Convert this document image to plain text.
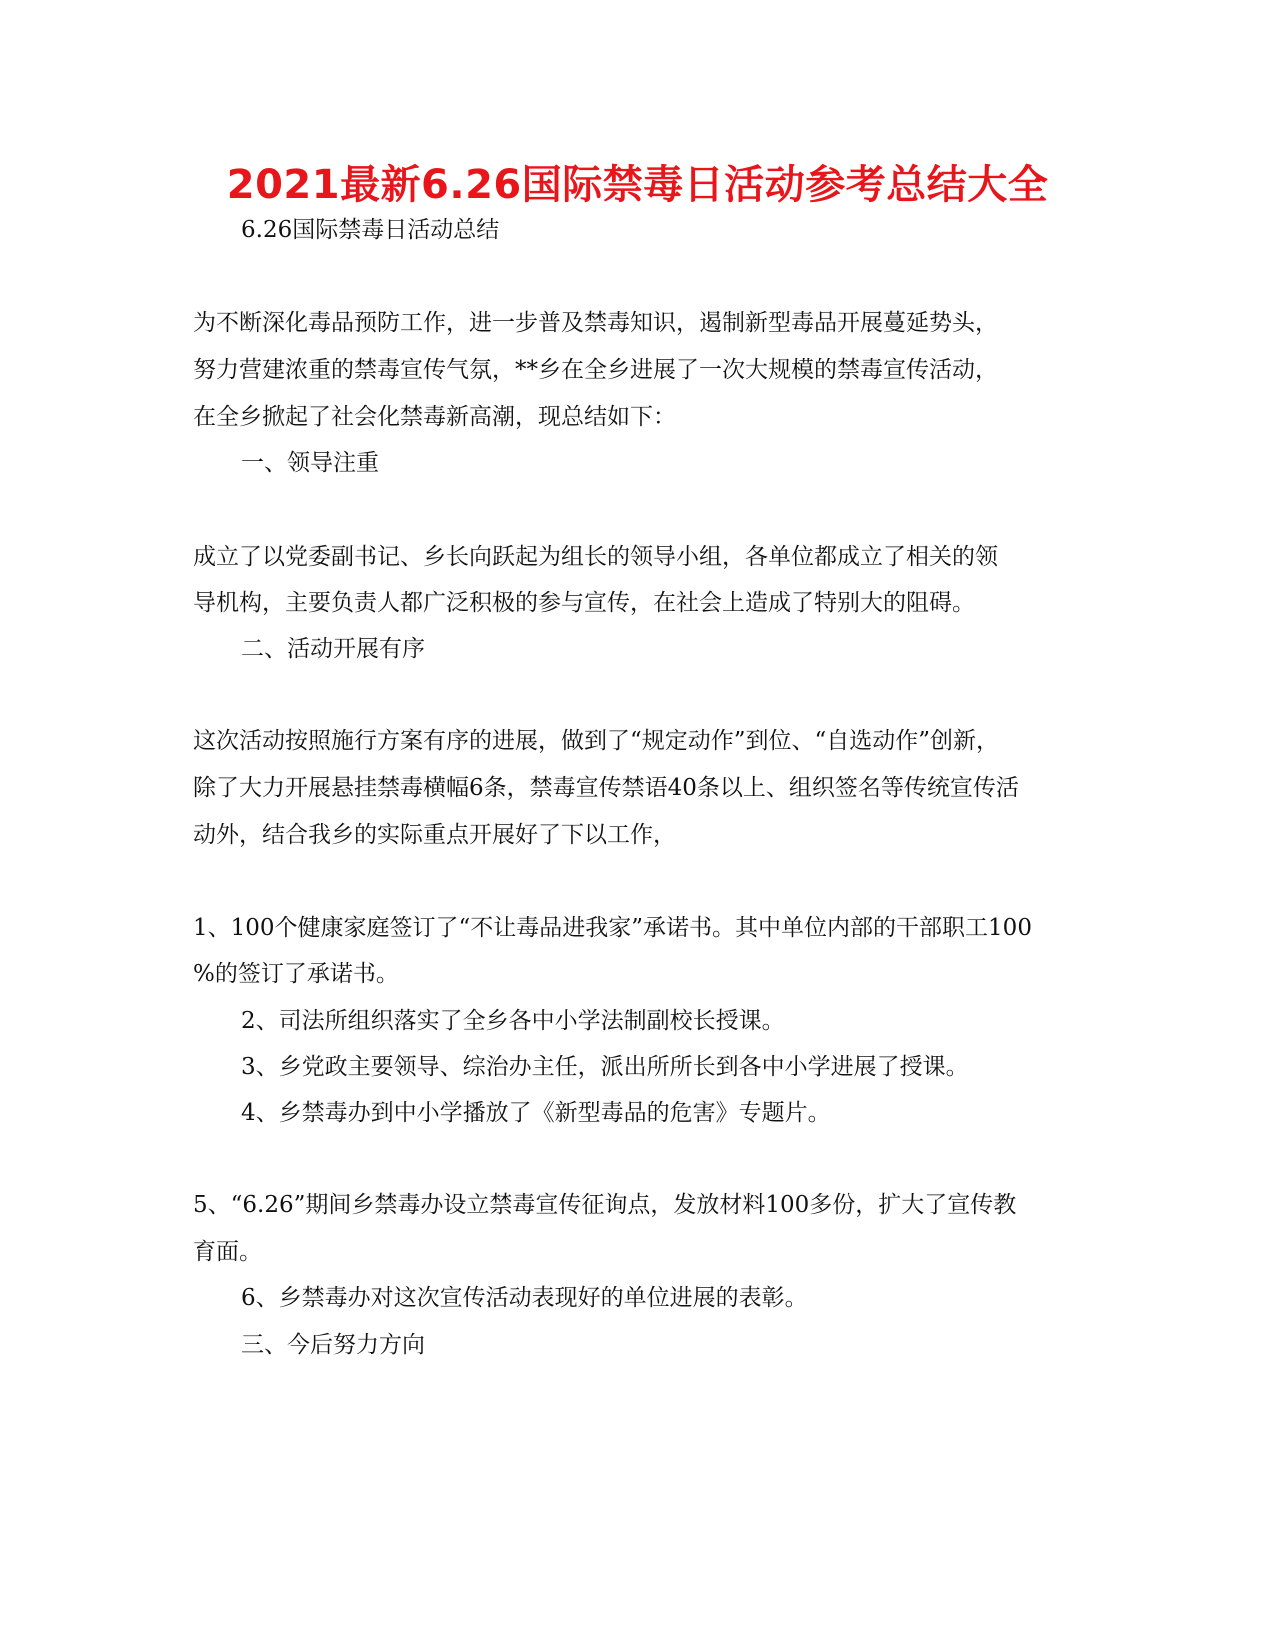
2021最新6.26国际禁毒日活动参考总结大全

6.26国际禁毒日活动总结

为不断深化毒品预防工作，进一步普及禁毒知识，遏制新型毒品开展蔓延势头，

努力营建浓重的禁毒宣传气氛，**乡在全乡进展了一次大规模的禁毒宣传活动，

在全乡掀起了社会化禁毒新高潮，现总结如下：

一、领导注重

成立了以党委副书记、乡长向跃起为组长的领导小组，各单位都成立了相关的领

导机构，主要负责人都广泛积极的参与宣传，在社会上造成了特别大的阻碍。

二、活动开展有序

这次活动按照施行方案有序的进展，做到了“规定动作”到位、“自选动作”创新，

除了大力开展悬挂禁毒横幅6条，禁毒宣传禁语40条以上、组织签名等传统宣传活

动外，结合我乡的实际重点开展好了下以工作，

1、100个健康家庭签订了“不让毒品进我家”承诺书。其中单位内部的干部职工100

%的签订了承诺书。

2、司法所组织落实了全乡各中小学法制副校长授课。

3、乡党政主要领导、综治办主任，派出所所长到各中小学进展了授课。

4、乡禁毒办到中小学播放了《新型毒品的危害》专题片。

5、“6.26”期间乡禁毒办设立禁毒宣传征询点，发放材料100多份，扩大了宣传教

育面。

6、乡禁毒办对这次宣传活动表现好的单位进展的表彰。

三、今后努力方向
